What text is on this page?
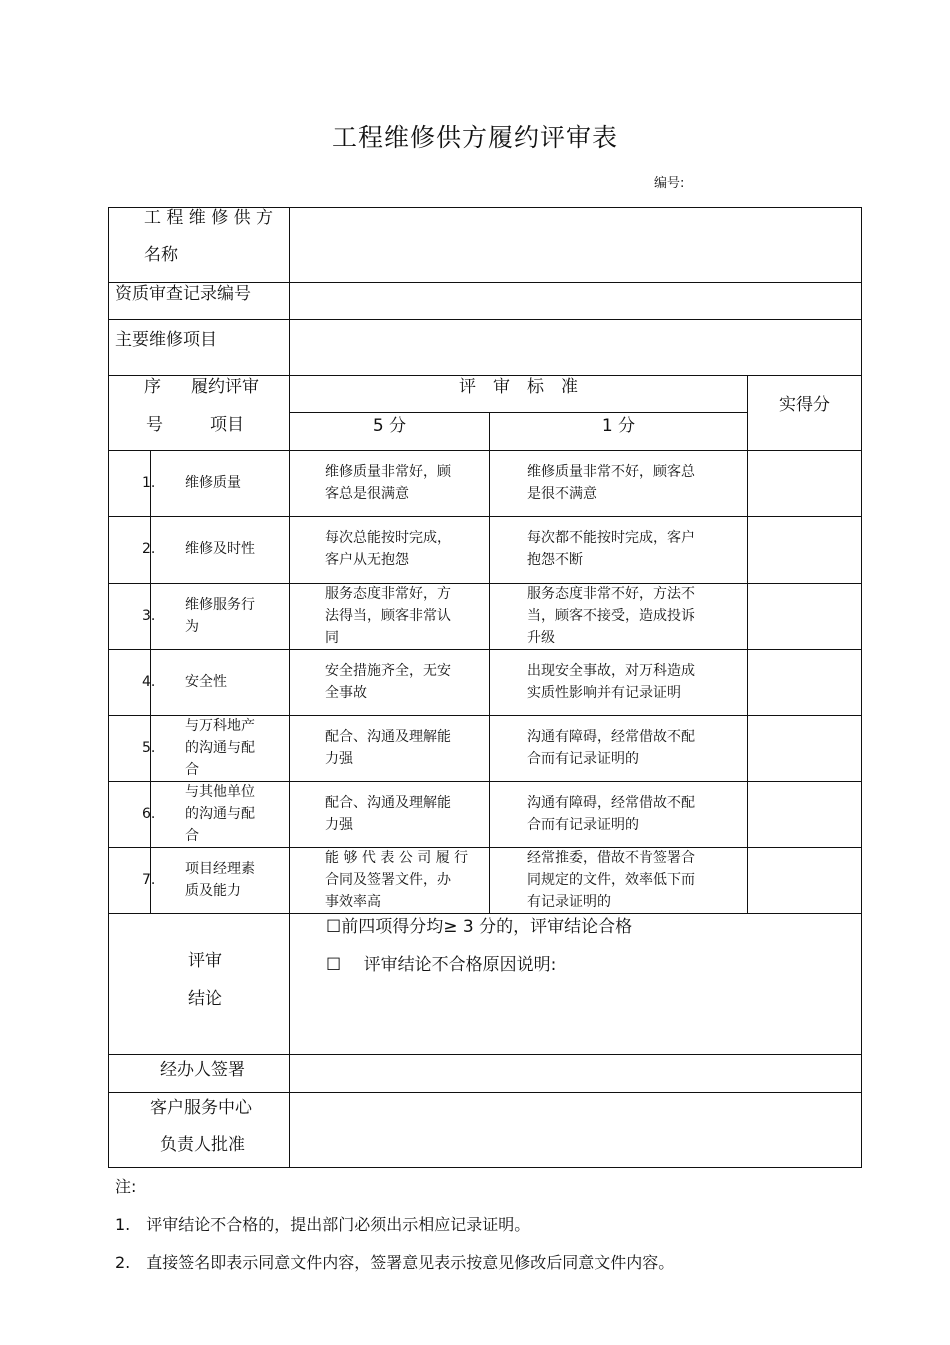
工程维修供方履约评审表
编号:
工 程 维 修 供 方
名称
资质审查记录编号
主要维修项目
序
号
履约评审
项目
评　审　标　准
5 分	1 分
实得分
1. 维修质量
维修质量非常好，顾
客总是很满意
维修质量非常不好，顾客总
是很不满意
2. 维修及时性
每次总能按时完成，
客户从无抱怨
每次都不能按时完成，客户
抱怨不断
3.
维修服务行
为
服务态度非常好，方
法得当，顾客非常认
同
服务态度非常不好，方法不
当，顾客不接受，造成投诉
升级
4. 安全性
安全措施齐全，无安
全事故
出现安全事故，对万科造成
实质性影响并有记录证明
5.
与万科地产
的沟通与配
合
配合、沟通及理解能
力强
沟通有障碍，经常借故不配
合而有记录证明的
6.
与其他单位
的沟通与配
合
配合、沟通及理解能
力强
沟通有障碍，经常借故不配
合而有记录证明的
7.
项目经理素
质及能力
能 够 代 表 公 司 履 行
合同及签署文件，办
事效率高
经常推委，借故不肯签署合
同规定的文件，效率低下而
有记录证明的
评审
结论
☐前四项得分均≥ 3 分的，评审结论合格
☐　 评审结论不合格原因说明:
经办人签署
客户服务中心
负责人批准
注:
1.　评审结论不合格的，提出部门必须出示相应记录证明。
2.　直接签名即表示同意文件内容，签署意见表示按意见修改后同意文件内容。
